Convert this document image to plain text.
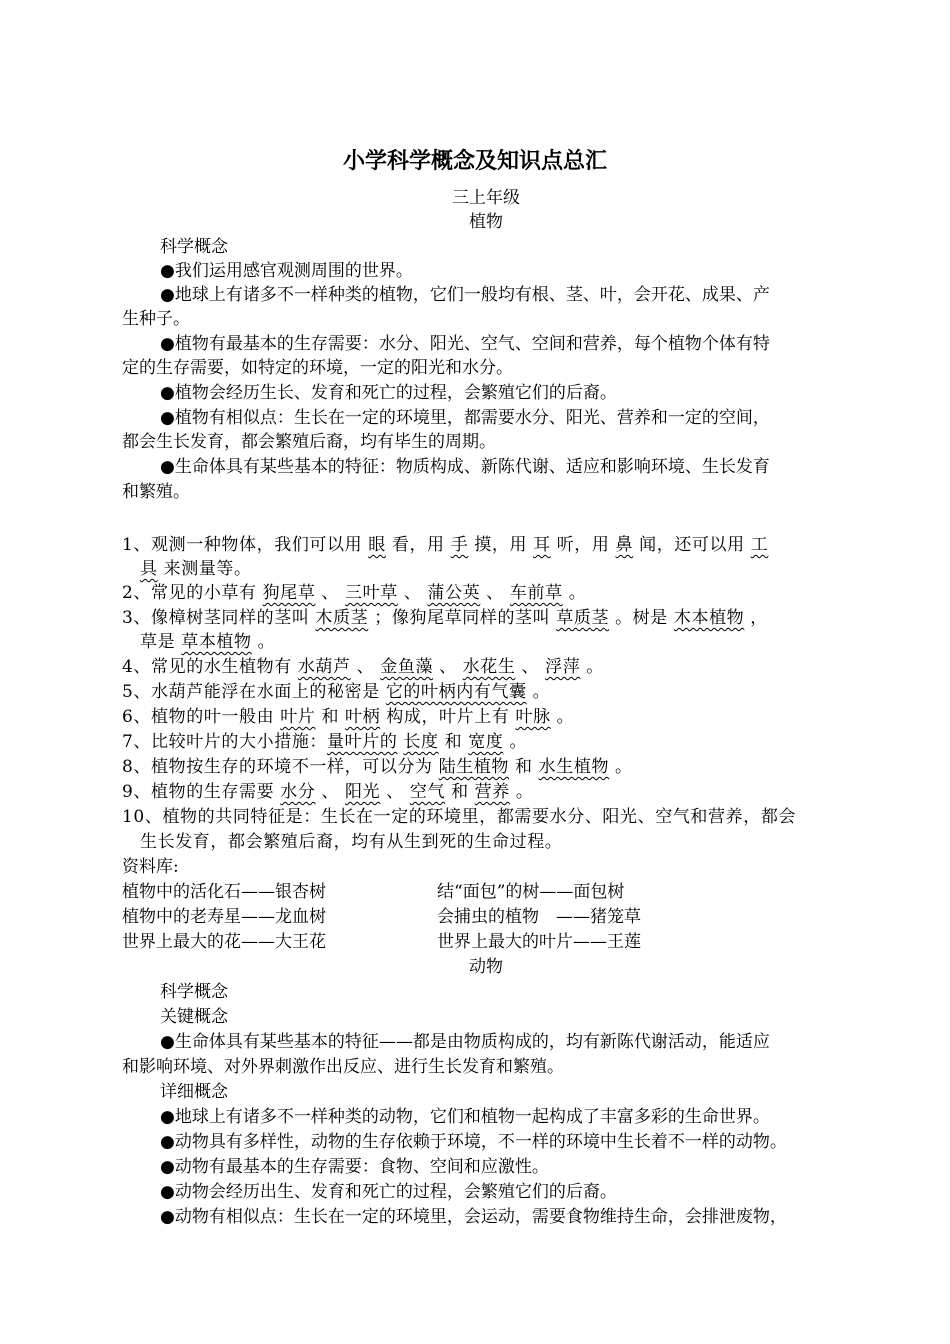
小学科学概念及知识点总汇
三上年级
植物
科学概念
●我们运用感官观测周围的世界。
●地球上有诸多不一样种类的植物，它们一般均有根、茎、叶，会开花、成果、产
生种子。
●植物有最基本的生存需要：水分、阳光、空气、空间和营养，每个植物个体有特
定的生存需要，如特定的环境，一定的阳光和水分。
●植物会经历生长、发育和死亡的过程，会繁殖它们的后裔。
●植物有相似点：生长在一定的环境里，都需要水分、阳光、营养和一定的空间，
都会生长发育，都会繁殖后裔，均有毕生的周期。
●生命体具有某些基本的特征：物质构成、新陈代谢、适应和影响环境、生长发育
和繁殖。
1、观测一种物体，我们可以用 眼 看，用 手 摸，用 耳 听，用 鼻 闻，还可以用 工
具 来测量等。
2、常见的小草有 狗尾草 、 三叶草 、 蒲公英 、 车前草 。
3、像樟树茎同样的茎叫 木质茎 ；像狗尾草同样的茎叫 草质茎 。树是 木本植物 ，
草是 草本植物 。
4、常见的水生植物有 水葫芦 、 金鱼藻 、 水花生 、 浮萍 。
5、水葫芦能浮在水面上的秘密是 它的叶柄内有气囊 。
6、植物的叶一般由 叶片 和 叶柄 构成，叶片上有 叶脉 。
7、比较叶片的大小措施：量叶片的 长度 和 宽度 。
8、植物按生存的环境不一样，可以分为 陆生植物 和 水生植物 。
9、植物的生存需要 水分 、 阳光 、 空气 和 营养 。
10、植物的共同特征是：生长在一定的环境里，都需要水分、阳光、空气和营养，都会
生长发育，都会繁殖后裔，均有从生到死的生命过程。
资料库:
植物中的活化石——银杏树	结“面包”的树——面包树
植物中的老寿星——龙血树	会捕虫的植物　——猪笼草
世界上最大的花——大王花	世界上最大的叶片——王莲
动物
科学概念
关键概念
●生命体具有某些基本的特征——都是由物质构成的，均有新陈代谢活动，能适应
和影响环境、对外界刺激作出反应、进行生长发育和繁殖。
详细概念
●地球上有诸多不一样种类的动物，它们和植物一起构成了丰富多彩的生命世界。
●动物具有多样性，动物的生存依赖于环境，不一样的环境中生长着不一样的动物。
●动物有最基本的生存需要：食物、空间和应激性。
●动物会经历出生、发育和死亡的过程，会繁殖它们的后裔。
●动物有相似点：生长在一定的环境里，会运动，需要食物维持生命，会排泄废物，
